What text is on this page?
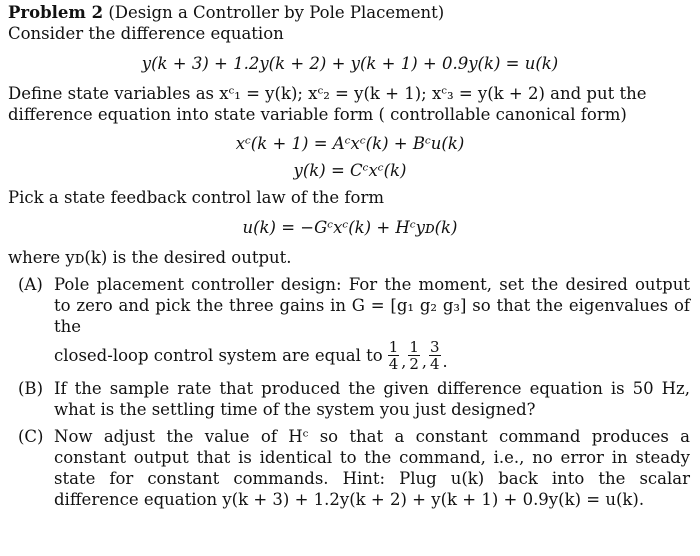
Problem 2 (Design a Controller by Pole Placement)

Consider the difference equation

y(k + 3) + 1.2y(k + 2) + y(k + 1) + 0.9y(k) = u(k)

Define state variables as xᶜ₁ = y(k); xᶜ₂ = y(k + 1); xᶜ₃ = y(k + 2) and put the

difference equation into state variable form ( controllable canonical form)

xᶜ(k + 1) = Aᶜxᶜ(k) + Bᶜu(k)
y(k) = Cᶜxᶜ(k)

Pick a state feedback control law of the form

u(k) = −Gᶜxᶜ(k) + Hᶜyᴅ(k)

where yᴅ(k) is the desired output.

(A) Pole placement controller design: For the moment, set the desired output to zero and pick the three gains in G = [g₁ g₂ g₃] so that the eigenvalues of the
closed-loop control system are equal to $\frac{1}{4}$ , $\frac{1}{2}$ , $\frac{3}{4}$ .
(B) If the sample rate that produced the given difference equation is 50 Hz, what is the settling time of the system you just designed?
(C) Now adjust the value of Hᶜ so that a constant command produces a constant output that is identical to the command, i.e., no error in steady state for constant commands. Hint: Plug u(k) back into the scalar difference equation y(k + 3) + 1.2y(k + 2) + y(k + 1) + 0.9y(k) = u(k).
